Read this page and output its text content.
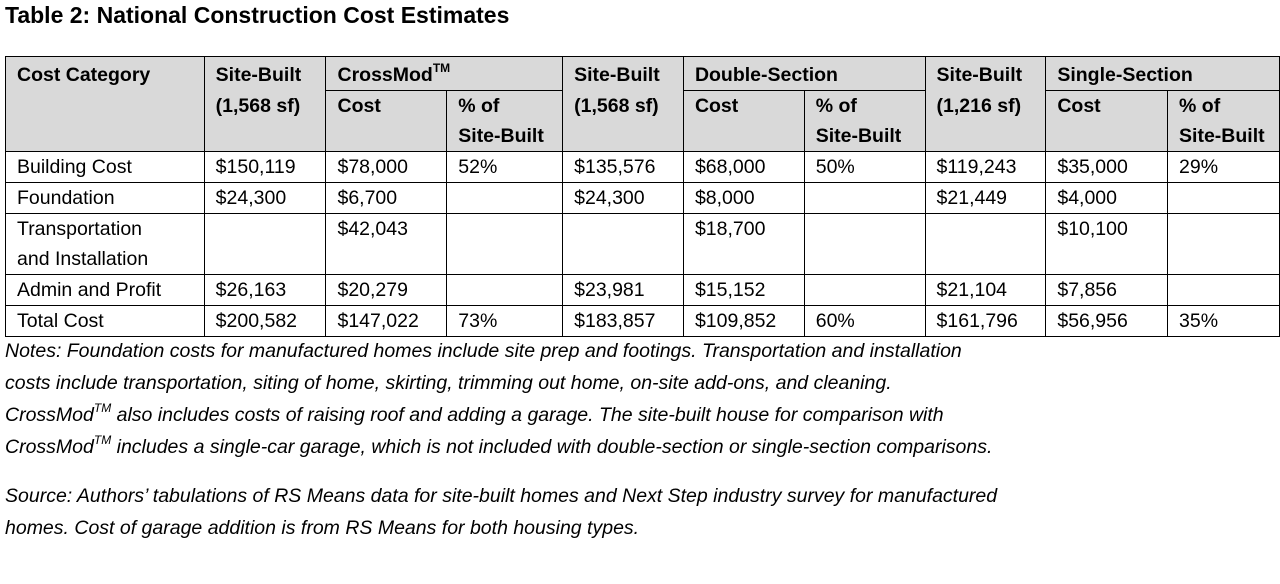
Table 2: National Construction Cost Estimates
Cost Category	Site-Built	CrossMod™		Site-Built	Double-Section		Site-Built	Single-Section	
	(1,568 sf)	Cost	% of	(1,568 sf)	Cost	% of	(1,216 sf)	Cost	% of
			Site-Built			Site-Built			Site-Built
Building Cost	$150,119	$78,000	52%	$135,576	$68,000	50%	$119,243	$35,000	29%
Foundation	$24,300	$6,700		$24,300	$8,000		$21,449	$4,000	

Transportation
and Installation		$42,043			$18,700			$10,100	
Admin and Profit	$26,163	$20,279		$23,981	$15,152		$21,104	$7,856	
Total Cost	$200,582	$147,022	73%	$183,857	$109,852	60%	$161,796	$56,956	35%

Notes: Foundation costs for manufactured homes include site prep and footings. Transportation and installation

costs include transportation, siting of home, skirting, trimming out home, on-site add-ons, and cleaning.

CrossMod™ also includes costs of raising roof and adding a garage. The site-built house for comparison with

CrossMod™ includes a single-car garage, which is not included with double-section or single-section comparisons.

Source: Authors’ tabulations of RS Means data for site-built homes and Next Step industry survey for manufactured

homes. Cost of garage addition is from RS Means for both housing types.
